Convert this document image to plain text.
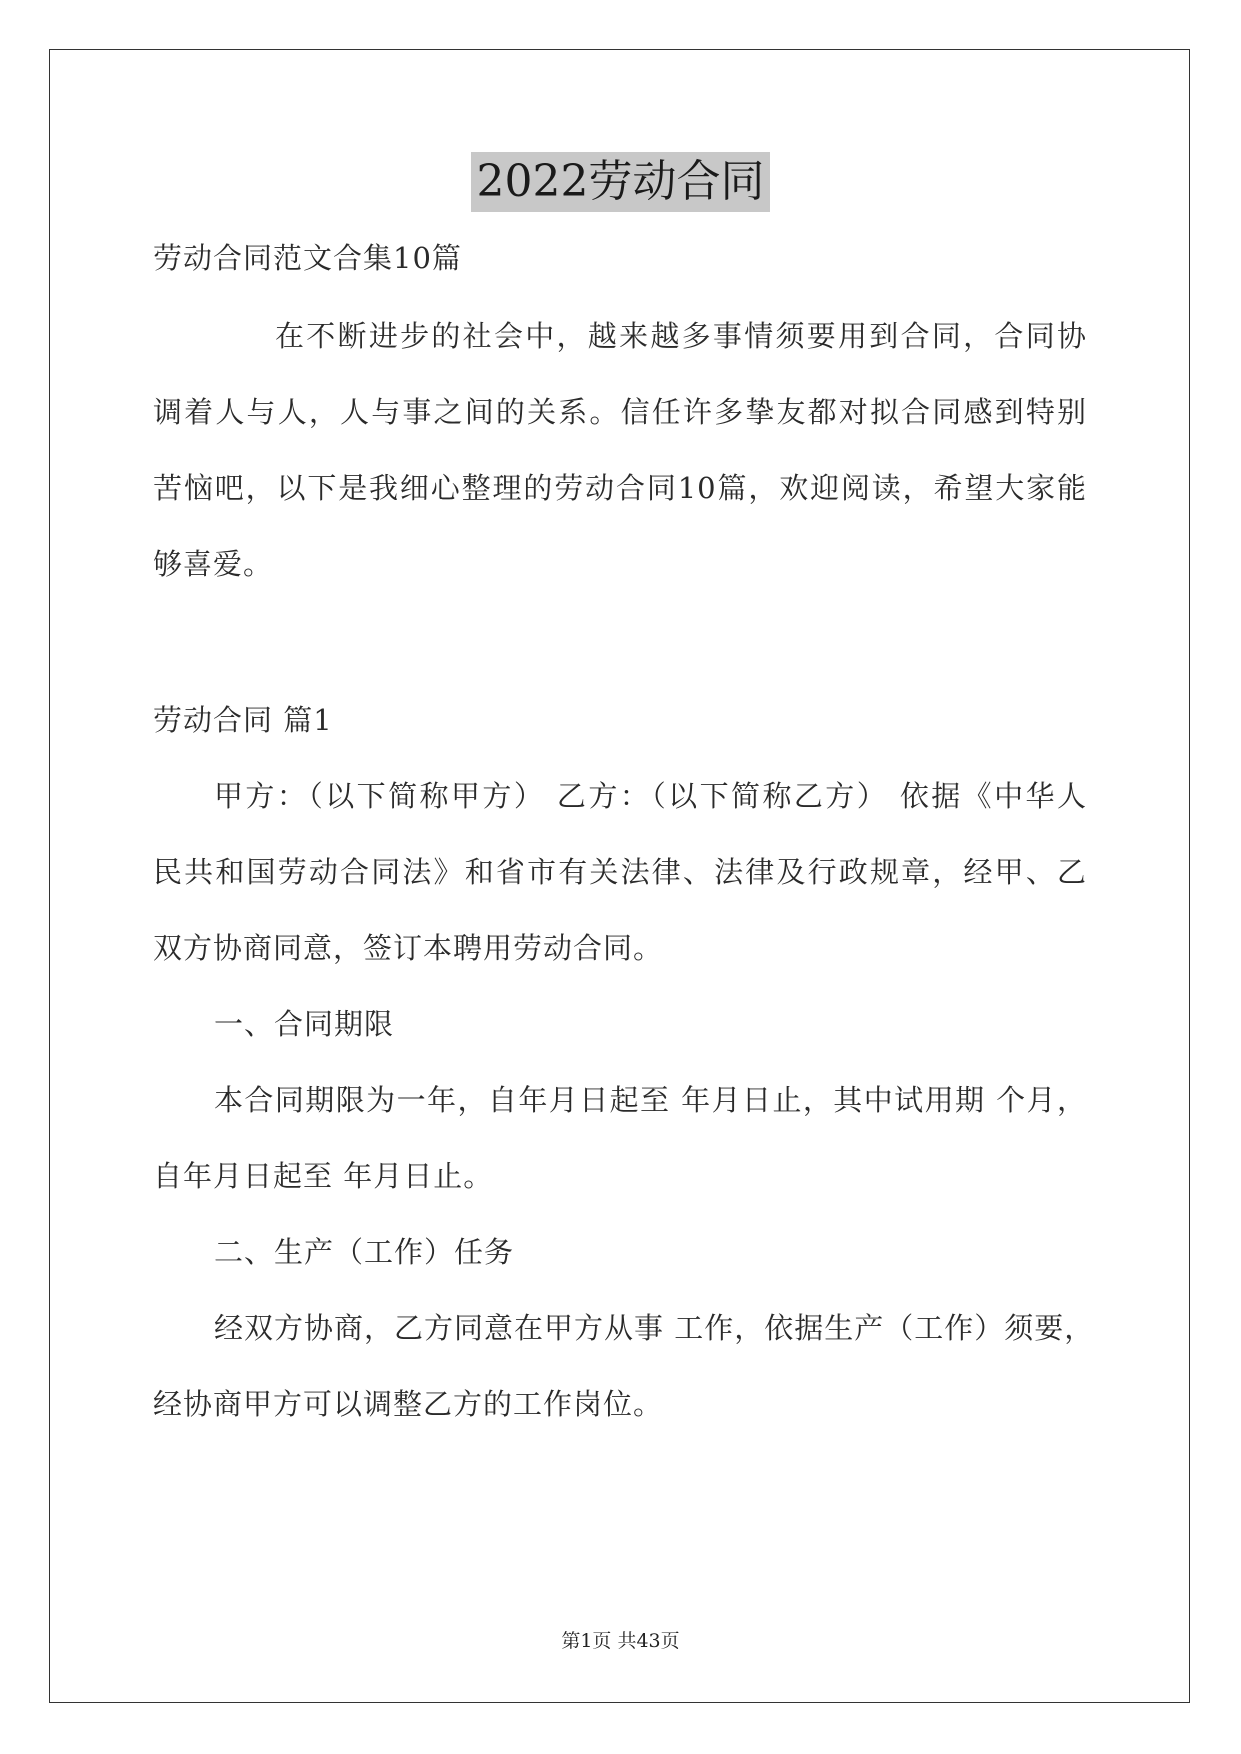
2022劳动合同
劳动合同范文合集10篇
在不断进步的社会中，越来越多事情须要用到合同，合同协
调着人与人，人与事之间的关系。信任许多挚友都对拟合同感到特别
苦恼吧，以下是我细心整理的劳动合同10篇，欢迎阅读，希望大家能
够喜爱。
劳动合同 篇1
甲方：（以下简称甲方） 乙方：（以下简称乙方） 依据《中华人
民共和国劳动合同法》和省市有关法律、法律及行政规章，经甲、乙
双方协商同意，签订本聘用劳动合同。
一、合同期限
本合同期限为一年，自年月日起至 年月日止，其中试用期 个月，
自年月日起至 年月日止。
二、生产（工作）任务
经双方协商，乙方同意在甲方从事 工作，依据生产（工作）须要，
经协商甲方可以调整乙方的工作岗位。
第1页 共43页
